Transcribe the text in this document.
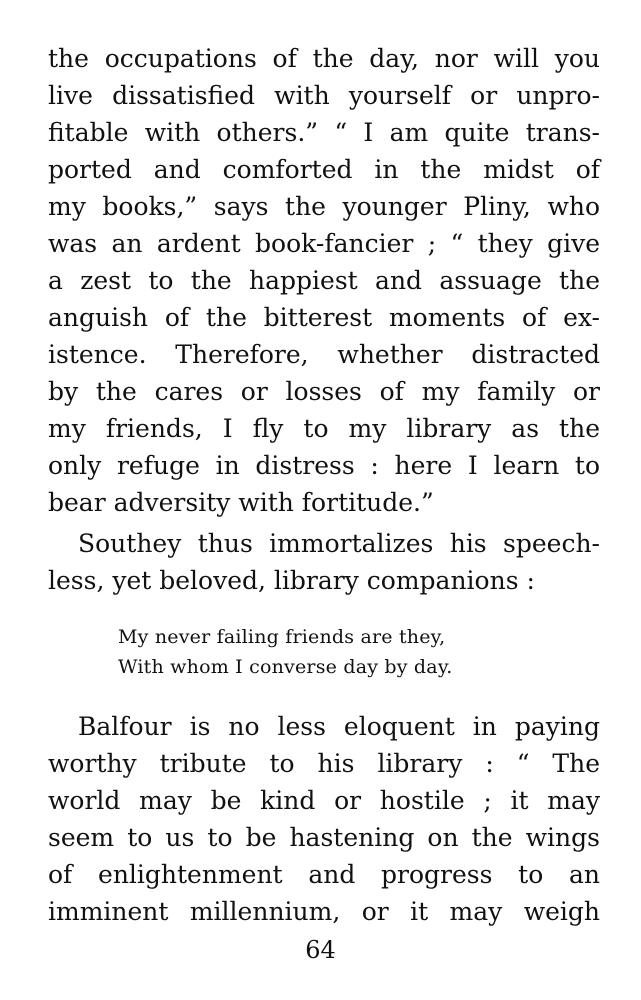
the occupations of the day, nor will you
live dissatisfied with yourself or unpro-
fitable with others.” “ I am quite trans-
ported and comforted in the midst of
my books,” says the younger Pliny, who
was an ardent book-fancier ; “ they give
a zest to the happiest and assuage the
anguish of the bitterest moments of ex-
istence. Therefore, whether distracted
by the cares or losses of my family or
my friends, I fly to my library as the
only refuge in distress : here I learn to
bear adversity with fortitude.”
Southey thus immortalizes his speech-
less, yet beloved, library companions :
My never failing friends are they,
With whom I converse day by day.
Balfour is no less eloquent in paying
worthy tribute to his library : “ The
world may be kind or hostile ; it may
seem to us to be hastening on the wings
of enlightenment and progress to an
imminent millennium, or it may weigh
64
